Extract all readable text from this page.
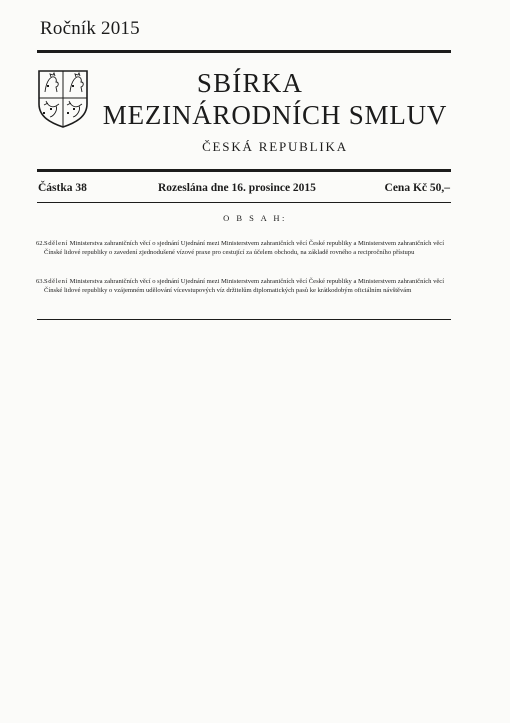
Ročník 2015
SBÍRKA
MEZINÁRODNÍCH SMLUV
ČESKÁ REPUBLIKA
Částka 38	Rozeslána dne 16. prosince 2015	Cena Kč 50,–
O B S A H:
62. Sdělení Ministerstva zahraničních věcí o sjednání Ujednání mezi Ministerstvem zahraničních věcí České republiky a Ministerstvem zahraničních věcí Čínské lidové republiky o zavedení zjednodušené vízové praxe pro cestující za účelem obchodu, na základě rovného a recipročního přístupu
63. Sdělení Ministerstva zahraničních věcí o sjednání Ujednání mezi Ministerstvem zahraničních věcí České republiky a Ministerstvem zahraničních věcí Čínské lidové republiky o vzájemném udělování vícevstupových víz držitelům diplomatických pasů ke krátkodobým oficiálním návštěvám
